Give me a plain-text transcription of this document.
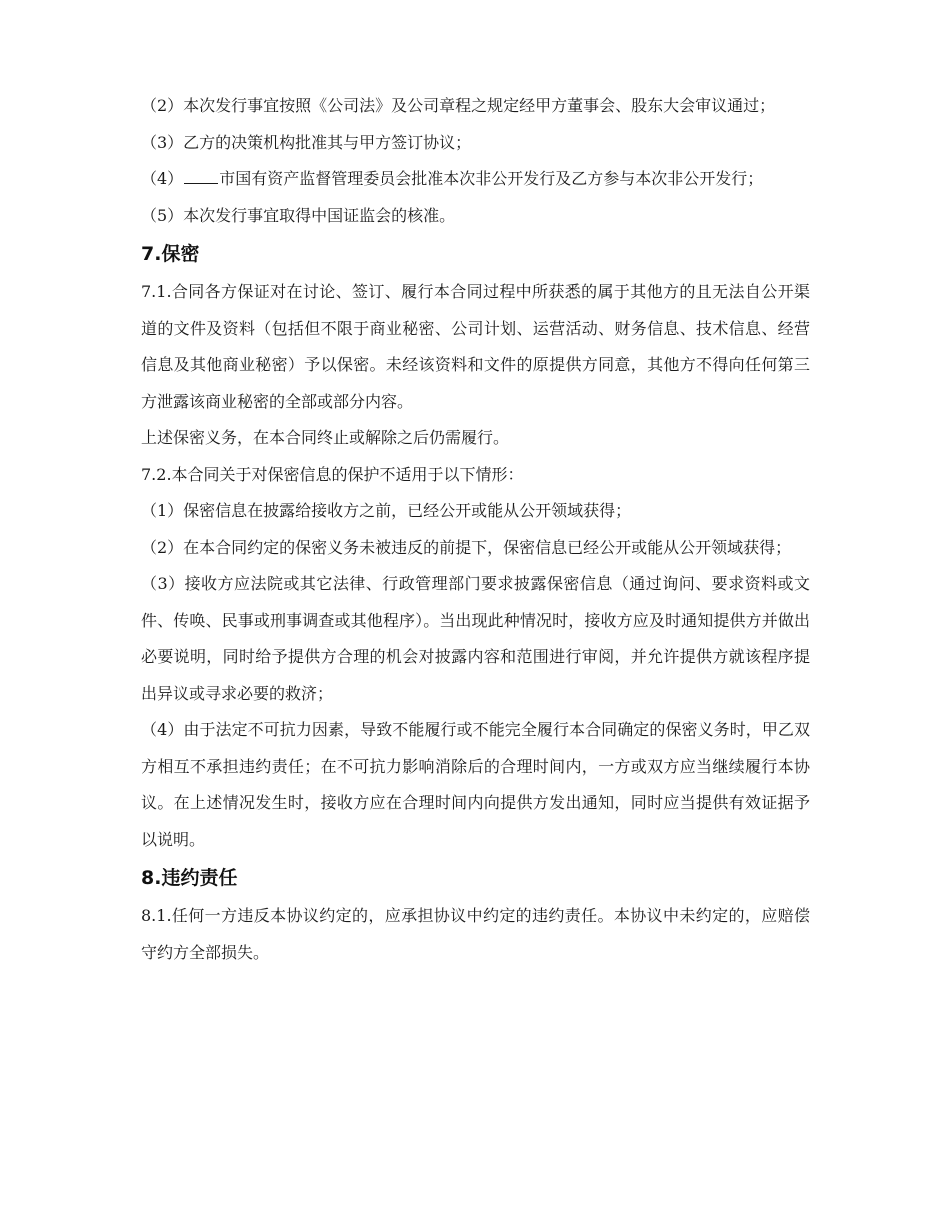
（2）本次发行事宜按照《公司法》及公司章程之规定经甲方董事会、股东大会审议通过；

（3）乙方的决策机构批准其与甲方签订协议；

（4） 市国有资产监督管理委员会批准本次非公开发行及乙方参与本次非公开发行；

（5）本次发行事宜取得中国证监会的核准。

7.保密

7.1.合同各方保证对在讨论、签订、履行本合同过程中所获悉的属于其他方的且无法自公开渠道的文件及资料（包括但不限于商业秘密、公司计划、运营活动、财务信息、技术信息、经营信息及其他商业秘密）予以保密。未经该资料和文件的原提供方同意，其他方不得向任何第三方泄露该商业秘密的全部或部分内容。

上述保密义务，在本合同终止或解除之后仍需履行。

7.2.本合同关于对保密信息的保护不适用于以下情形：

（1）保密信息在披露给接收方之前，已经公开或能从公开领域获得；

（2）在本合同约定的保密义务未被违反的前提下，保密信息已经公开或能从公开领域获得；

（3）接收方应法院或其它法律、行政管理部门要求披露保密信息（通过询问、要求资料或文件、传唤、民事或刑事调查或其他程序）。当出现此种情况时，接收方应及时通知提供方并做出必要说明，同时给予提供方合理的机会对披露内容和范围进行审阅，并允许提供方就该程序提出异议或寻求必要的救济；

（4）由于法定不可抗力因素，导致不能履行或不能完全履行本合同确定的保密义务时，甲乙双方相互不承担违约责任；在不可抗力影响消除后的合理时间内，一方或双方应当继续履行本协议。在上述情况发生时，接收方应在合理时间内向提供方发出通知，同时应当提供有效证据予以说明。

8.违约责任

8.1.任何一方违反本协议约定的，应承担协议中约定的违约责任。本协议中未约定的，应赔偿守约方全部损失。
